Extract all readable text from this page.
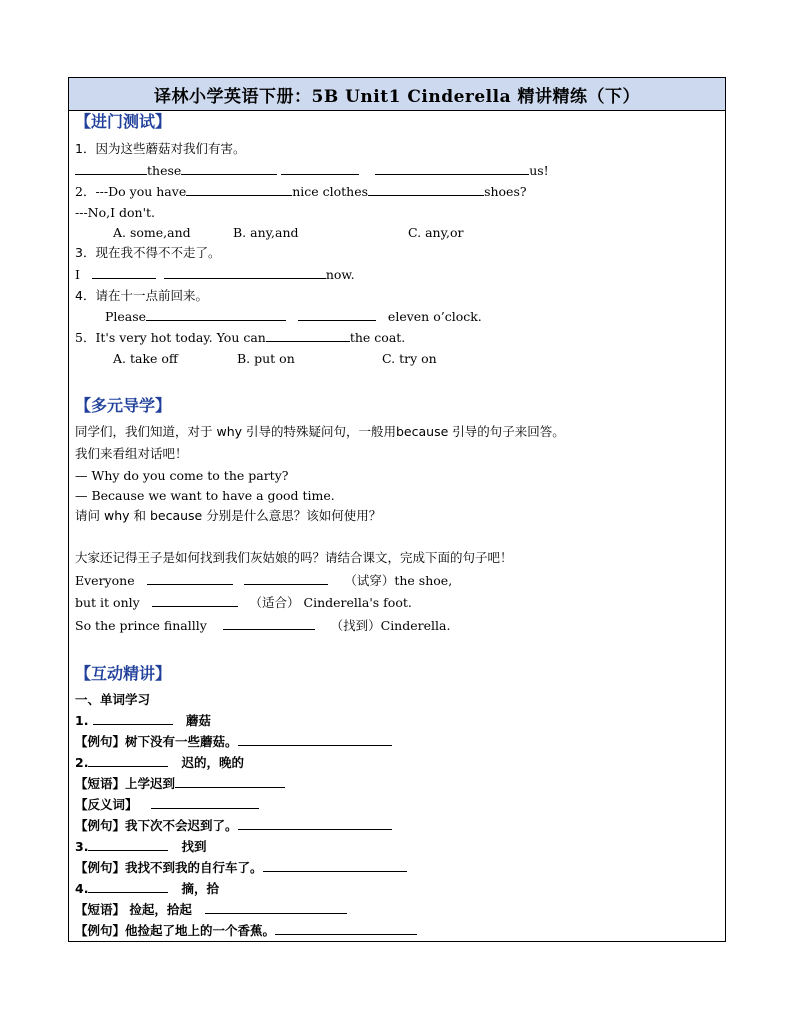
译林小学英语下册：5B Unit1 Cinderella 精讲精练（下）
【进门测试】
1．因为这些蘑菇对我们有害。
these	us!
2．---Do you have	nice clothes	shoes?
---No,I don't.
A. some,and	B. any,and	C. any,or
3．现在我不得不不走了。
I	now.
4．请在十一点前回来。
Please	eleven o’clock.
5．It's very hot today. You can	the coat.
A. take off	B. put on	C. try on
【多元导学】
同学们，我们知道，对于 why 引导的特殊疑问句，一般用because 引导的句子来回答。
我们来看组对话吧！
— Why do you come to the party?
— Because we want to have a good time.
请问 why 和 because 分别是什么意思？该如何使用？
大家还记得王子是如何找到我们灰姑娘的吗？请结合课文，完成下面的句子吧！
Everyone	（试穿）the shoe,
but it only	（适合） Cinderella's foot.
So the prince finallly	（找到）Cinderella.
【互动精讲】
一、单词学习
1.	蘑菇
【例句】树下没有一些蘑菇。
2.	迟的，晚的
【短语】上学迟到
【反义词】
【例句】我下次不会迟到了。
3.	找到
【例句】我找不到我的自行车了。
4.	摘，拾
【短语】 捡起，拾起
【例句】他捡起了地上的一个香蕉。
